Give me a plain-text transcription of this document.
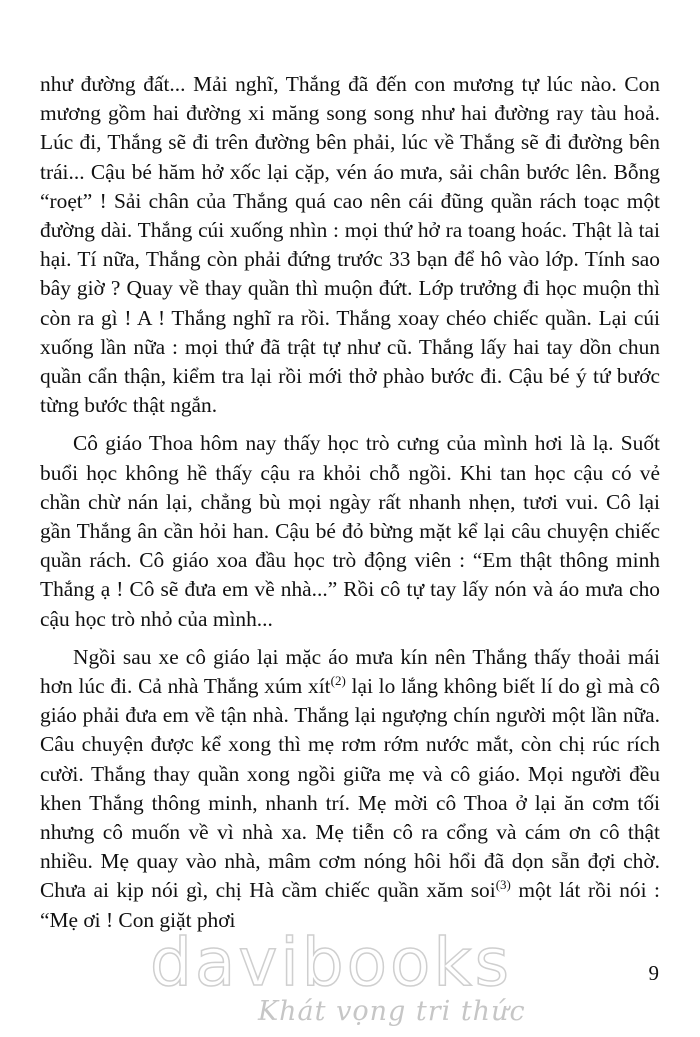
như đường đất... Mải nghĩ, Thắng đã đến con mương tự lúc nào. Con mương gồm hai đường xi măng song song như hai đường ray tàu hoả. Lúc đi, Thắng sẽ đi trên đường bên phải, lúc về Thắng sẽ đi đường bên trái... Cậu bé hăm hở xốc lại cặp, vén áo mưa, sải chân bước lên. Bỗng “roẹt” ! Sải chân của Thắng quá cao nên cái đũng quần rách toạc một đường dài. Thắng cúi xuống nhìn : mọi thứ hở ra toang hoác. Thật là tai hại. Tí nữa, Thắng còn phải đứng trước 33 bạn để hô vào lớp. Tính sao bây giờ ? Quay về thay quần thì muộn đứt. Lớp trưởng đi học muộn thì còn ra gì ! A ! Thắng nghĩ ra rồi. Thắng xoay chéo chiếc quần. Lại cúi xuống lần nữa : mọi thứ đã trật tự như cũ. Thắng lấy hai tay dồn chun quần cẩn thận, kiểm tra lại rồi mới thở phào bước đi. Cậu bé ý tứ bước từng bước thật ngắn.

Cô giáo Thoa hôm nay thấy học trò cưng của mình hơi là lạ. Suốt buổi học không hề thấy cậu ra khỏi chỗ ngồi. Khi tan học cậu có vẻ chần chừ nán lại, chẳng bù mọi ngày rất nhanh nhẹn, tươi vui. Cô lại gần Thắng ân cần hỏi han. Cậu bé đỏ bừng mặt kể lại câu chuyện chiếc quần rách. Cô giáo xoa đầu học trò động viên : “Em thật thông minh Thắng ạ ! Cô sẽ đưa em về nhà...” Rồi cô tự tay lấy nón và áo mưa cho cậu học trò nhỏ của mình...

Ngồi sau xe cô giáo lại mặc áo mưa kín nên Thắng thấy thoải mái hơn lúc đi. Cả nhà Thắng xúm xít$^{(2)}$ lại lo lắng không biết lí do gì mà cô giáo phải đưa em về tận nhà. Thắng lại ngượng chín người một lần nữa. Câu chuyện được kể xong thì mẹ rơm rớm nước mắt, còn chị rúc rích cười. Thắng thay quần xong ngồi giữa mẹ và cô giáo. Mọi người đều khen Thắng thông minh, nhanh trí. Mẹ mời cô Thoa ở lại ăn cơm tối nhưng cô muốn về vì nhà xa. Mẹ tiễn cô ra cổng và cám ơn cô thật nhiều. Mẹ quay vào nhà, mâm cơm nóng hôi hổi đã dọn sẵn đợi chờ. Chưa ai kịp nói gì, chị Hà cầm chiếc quần xăm soi$^{(3)}$ một lát rồi nói : “Mẹ ơi ! Con giặt phơi

davibooks
Khát vọng tri thức
9
